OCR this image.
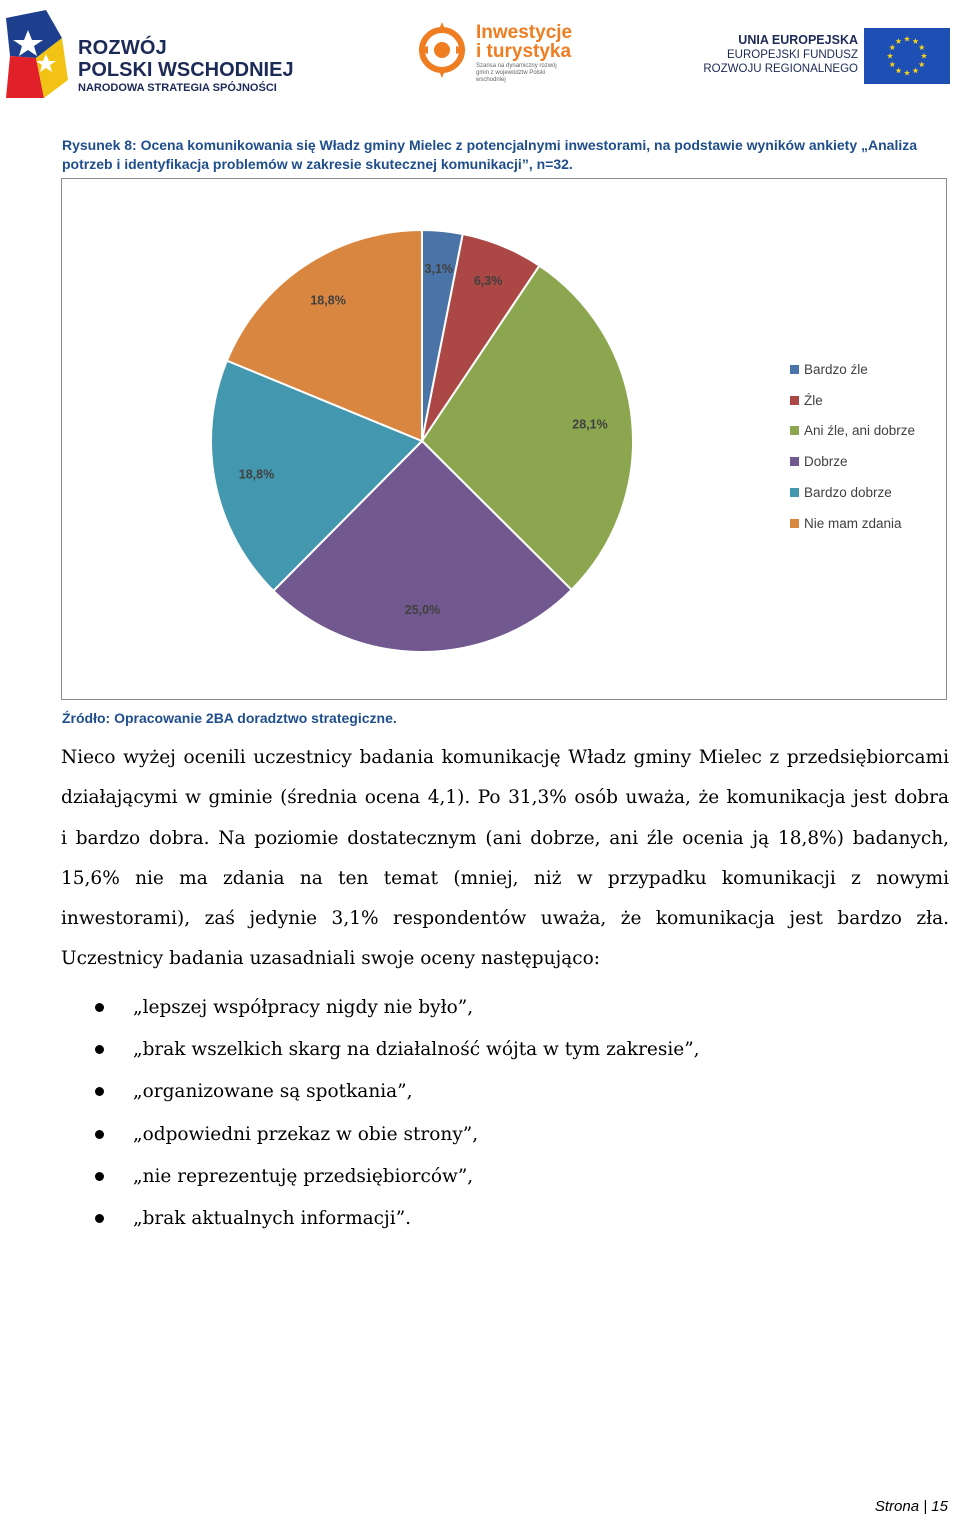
ROZWÓJ
POLSKI WSCHODNIEJ
NARODOWA STRATEGIA SPÓJNOŚCI
Inwestycje
i turystyka
Szansa na dynamiczny rozwój gmin z województw Polski wschodniej
UNIA EUROPEJSKA
EUROPEJSKI FUNDUSZ
ROZWOJU REGIONALNEGO
Rysunek 8: Ocena komunikowania się Władz gminy Mielec z potencjalnymi inwestorami, na podstawie wyników ankiety „Analiza potrzeb i identyfikacja problemów w zakresie skutecznej komunikacji”, n=32.
3,1%
6,3%
28,1%
25,0%
18,8%
18,8%
Bardzo źle
Źle
Ani źle, ani dobrze
Dobrze
Bardzo dobrze
Nie mam zdania
Źródło: Opracowanie 2BA doradztwo strategiczne.
Nieco wyżej ocenili uczestnicy badania komunikację Władz gminy Mielec z przedsiębiorcami
działającymi w gminie (średnia ocena 4,1). Po 31,3% osób uważa, że komunikacja jest dobra
i bardzo dobra. Na poziomie dostatecznym (ani dobrze, ani źle ocenia ją 18,8%) badanych,
15,6% nie ma zdania na ten temat (mniej, niż w przypadku komunikacji z nowymi
inwestorami), zaś jedynie 3,1% respondentów uważa, że komunikacja jest bardzo zła.
Uczestnicy badania uzasadniali swoje oceny następująco:
„lepszej współpracy nigdy nie było”,
„brak wszelkich skarg na działalność wójta w tym zakresie”,
„organizowane są spotkania”,
„odpowiedni przekaz w obie strony”,
„nie reprezentuję przedsiębiorców”,
„brak aktualnych informacji”.
Strona | 15
